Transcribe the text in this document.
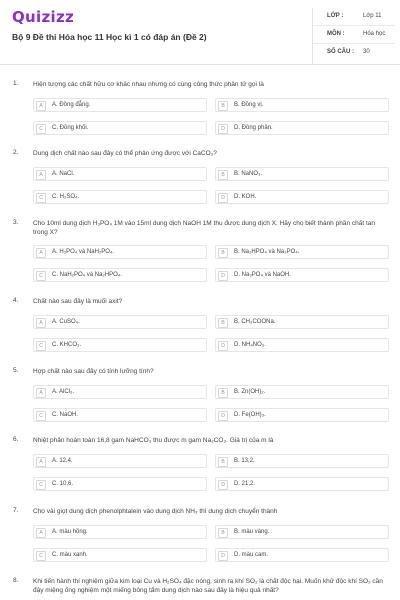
Quizizz
Bộ 9 Đề thi Hóa học 11 Học kì 1 có đáp án (Đề 2)
LỚP :	Lớp 11
MÔN :	Hóa học
SỐ CÂU : 30
1. Hiện tượng các chất hữu cơ khác nhau nhưng có cùng công thức phân tử gọi là
A	A. Đồng đẳng.	B	B. Đồng vị.
C	C. Đồng khối.	D	D. Đồng phân.
2. Dung dịch chất nào sau đây có thể phản ứng được với CaCO₃?
A	A. NaCl.	B	B. NaNO₃.
C	C. H₂SO₄.	D	D. KOH.
3. Cho 10ml dung dịch H₃PO₄ 1M vào 15ml dung dịch NaOH 1M thu được dung dịch X. Hãy cho biết thành phần chất tan trong X?
A	A. H₃PO₄ và NaH₂PO₄.	B	B. Na₂HPO₄ và Na₃PO₄.
C	C. NaH₂PO₄ và Na₂HPO₄.	D	D. Na₃PO₄ và NaOH.
4. Chất nào sau đây là muối axit?
A	A. CuSO₄.	B	B. CH₃COONa.
C	C. KHCO₃.	D	D. NH₄NO₃.
5. Hợp chất nào sau đây có tính lưỡng tính?
A	A. AlCl₃.	B	B. Zn(OH)₂.
C	C. NaOH.	D	D. Fe(OH)₃.
6. Nhiệt phân hoàn toàn 16,8 gam NaHCO₃ thu được m gam Na₂CO₃. Giá trị của m là
A	A. 12,4.	B	B. 13,2.
C	C. 10,6.	D	D. 21,2.
7. Cho vài giọt dung dịch phenolphtalein vào dung dịch NH₃ thì dung dịch chuyển thành
A	A. màu hồng.	B	B. màu vàng.
C	C. màu xanh.	D	D. màu cam.
8. Khi tiến hành thí nghiệm giữa kim loại Cu và H₂SO₄ đặc nóng, sinh ra khí SO₂ là chất độc hại. Muốn khử độc khí SO₂ cần đậy miệng ống nghiệm một miếng bông tẩm dung dịch nào sau đây là hiệu quả nhất?
